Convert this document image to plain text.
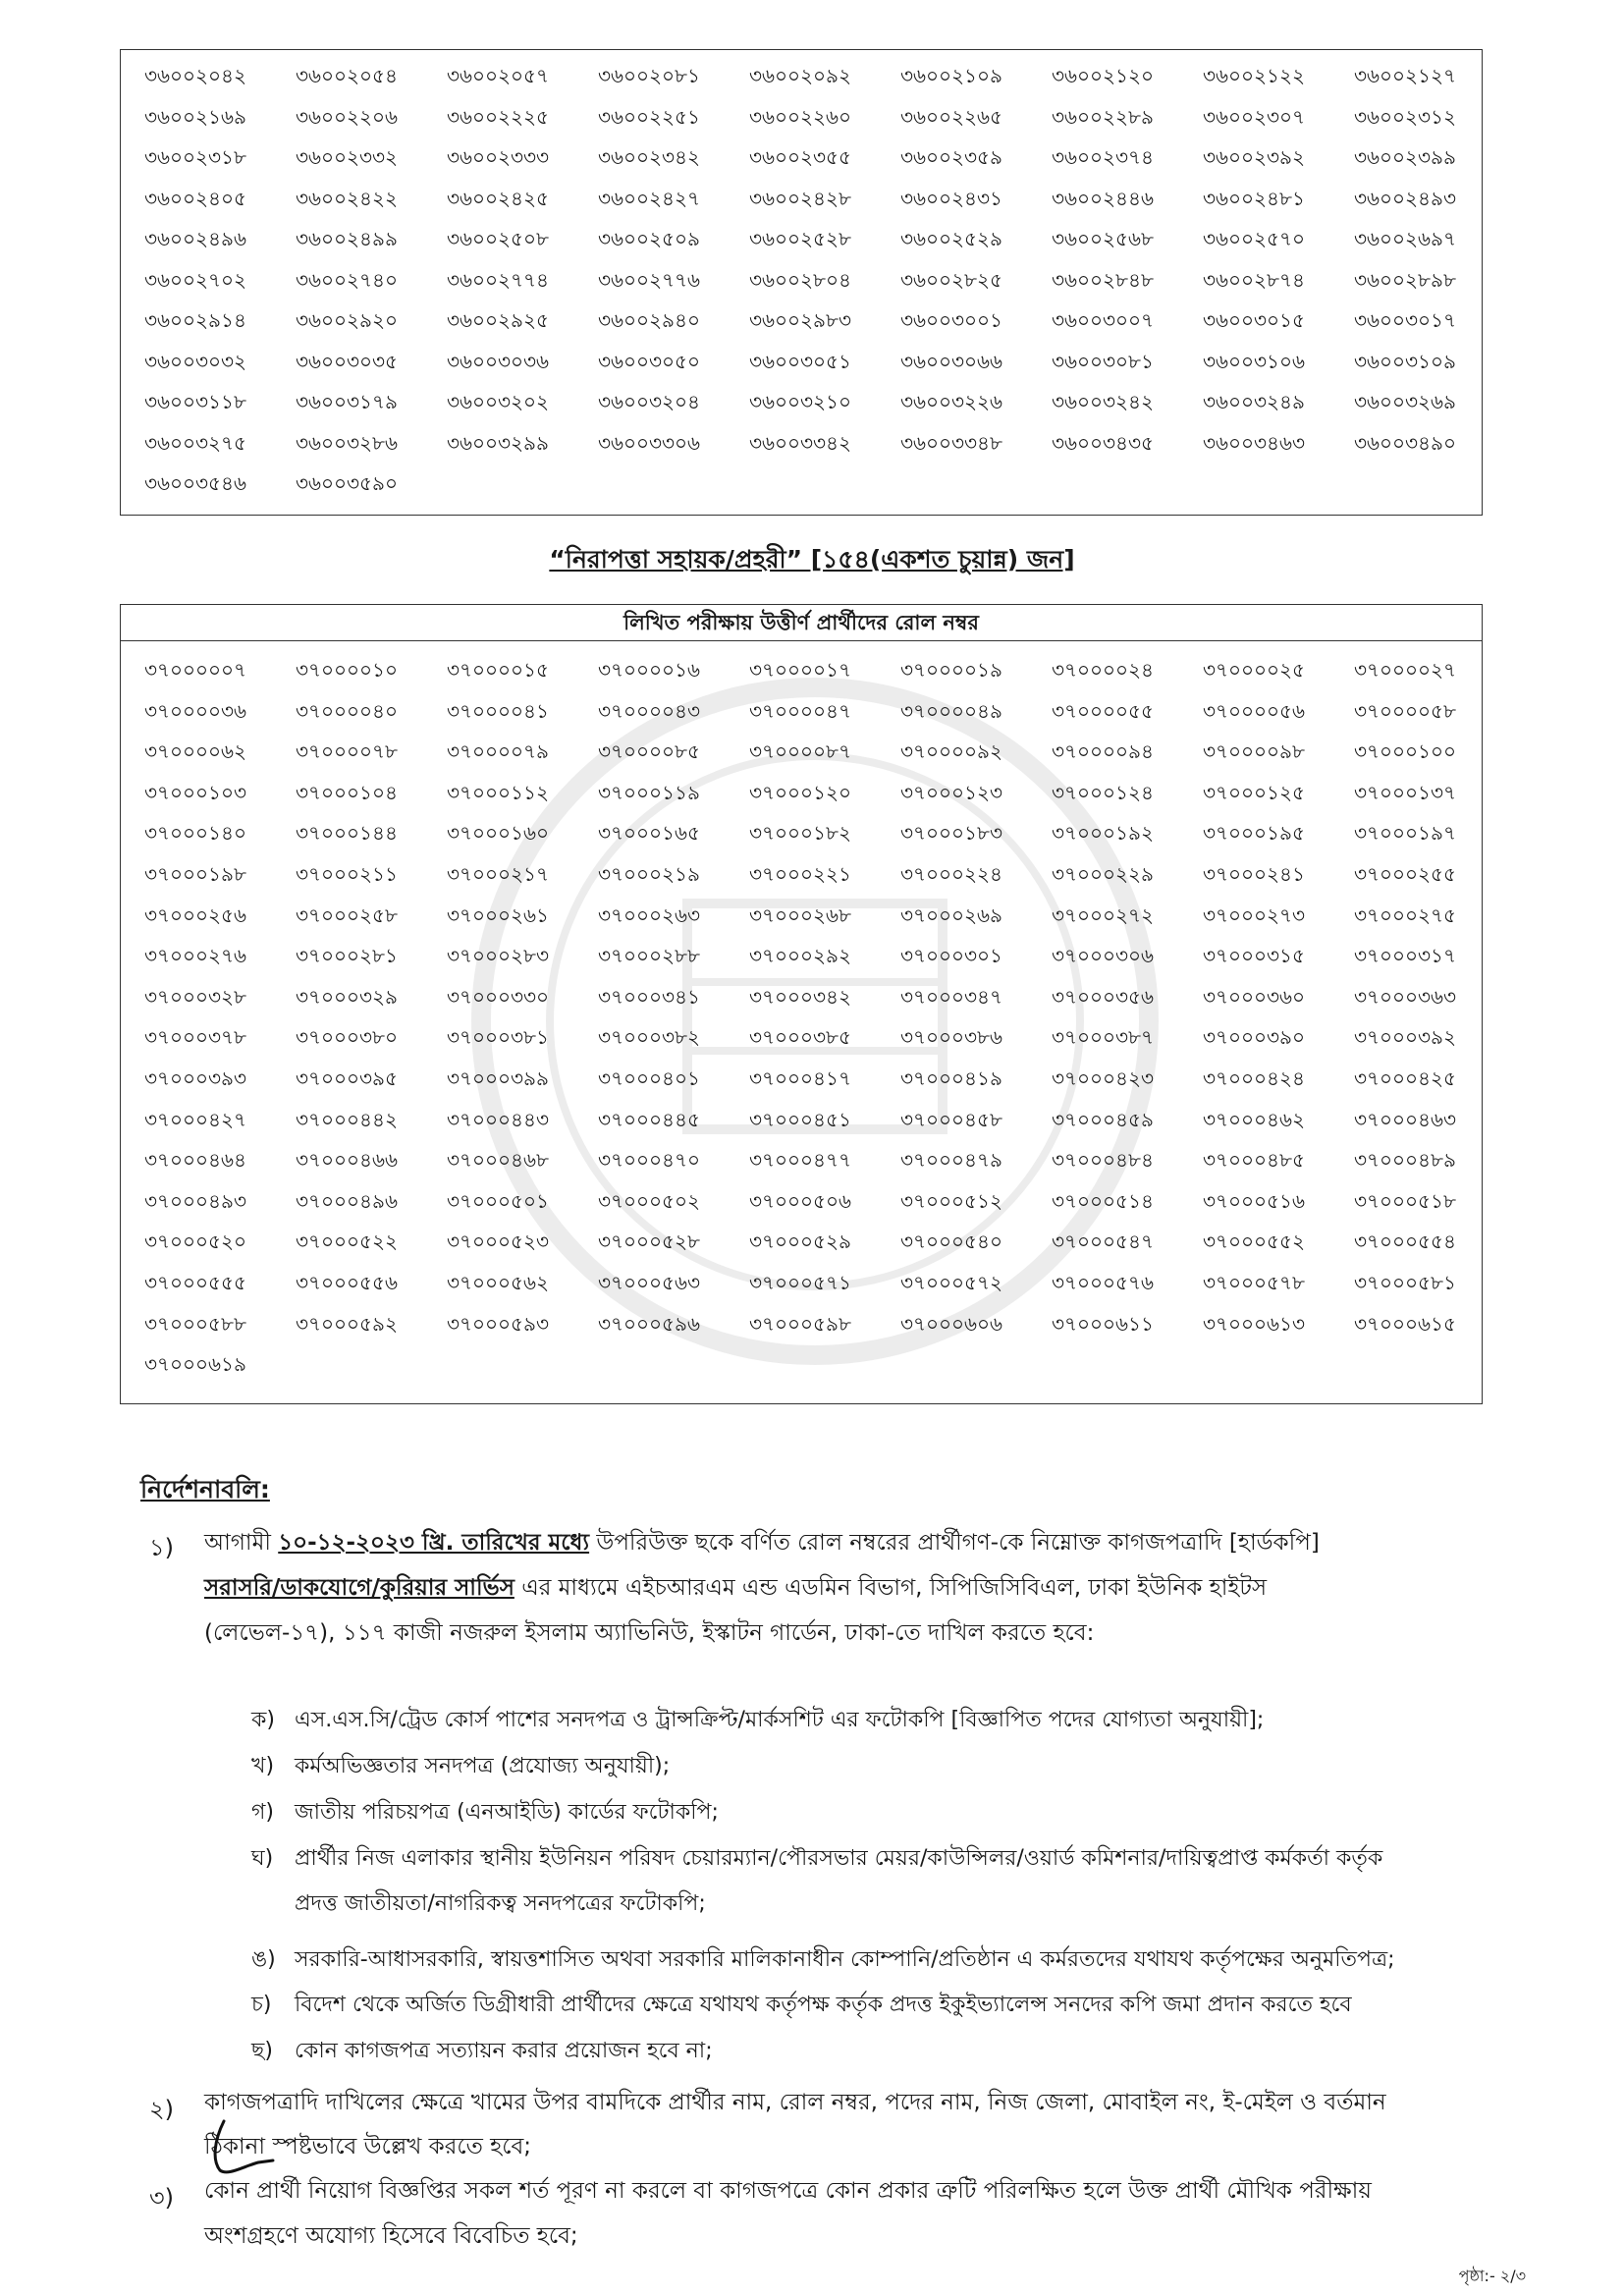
৩৬০০২০৪২	৩৬০০২০৫৪	৩৬০০২০৫৭	৩৬০০২০৮১	৩৬০০২০৯২	৩৬০০২১০৯	৩৬০০২১২০	৩৬০০২১২২	৩৬০০২১২৭
৩৬০০২১৬৯	৩৬০০২২০৬	৩৬০০২২২৫	৩৬০০২২৫১	৩৬০০২২৬০	৩৬০০২২৬৫	৩৬০০২২৮৯	৩৬০০২৩০৭	৩৬০০২৩১২
৩৬০০২৩১৮	৩৬০০২৩৩২	৩৬০০২৩৩৩	৩৬০০২৩৪২	৩৬০০২৩৫৫	৩৬০০২৩৫৯	৩৬০০২৩৭৪	৩৬০০২৩৯২	৩৬০০২৩৯৯
৩৬০০২৪০৫	৩৬০০২৪২২	৩৬০০২৪২৫	৩৬০০২৪২৭	৩৬০০২৪২৮	৩৬০০২৪৩১	৩৬০০২৪৪৬	৩৬০০২৪৮১	৩৬০০২৪৯৩
৩৬০০২৪৯৬	৩৬০০২৪৯৯	৩৬০০২৫০৮	৩৬০০২৫০৯	৩৬০০২৫২৮	৩৬০০২৫২৯	৩৬০০২৫৬৮	৩৬০০২৫৭০	৩৬০০২৬৯৭
৩৬০০২৭০২	৩৬০০২৭৪০	৩৬০০২৭৭৪	৩৬০০২৭৭৬	৩৬০০২৮০৪	৩৬০০২৮২৫	৩৬০০২৮৪৮	৩৬০০২৮৭৪	৩৬০০২৮৯৮
৩৬০০২৯১৪	৩৬০০২৯২০	৩৬০০২৯২৫	৩৬০০২৯৪০	৩৬০০২৯৮৩	৩৬০০৩০০১	৩৬০০৩০০৭	৩৬০০৩০১৫	৩৬০০৩০১৭
৩৬০০৩০৩২	৩৬০০৩০৩৫	৩৬০০৩০৩৬	৩৬০০৩০৫০	৩৬০০৩০৫১	৩৬০০৩০৬৬	৩৬০০৩০৮১	৩৬০০৩১০৬	৩৬০০৩১০৯
৩৬০০৩১১৮	৩৬০০৩১৭৯	৩৬০০৩২০২	৩৬০০৩২০৪	৩৬০০৩২১০	৩৬০০৩২২৬	৩৬০০৩২৪২	৩৬০০৩২৪৯	৩৬০০৩২৬৯
৩৬০০৩২৭৫	৩৬০০৩২৮৬	৩৬০০৩২৯৯	৩৬০০৩৩০৬	৩৬০০৩৩৪২	৩৬০০৩৩৪৮	৩৬০০৩৪৩৫	৩৬০০৩৪৬৩	৩৬০০৩৪৯০
৩৬০০৩৫৪৬	৩৬০০৩৫৯০
“নিরাপত্তা সহায়ক/প্রহরী” [১৫৪(একশত চুয়ান্ন) জন]
লিখিত পরীক্ষায় উত্তীর্ণ প্রার্থীদের রোল নম্বর
৩৭০০০০০৭	৩৭০০০০১০	৩৭০০০০১৫	৩৭০০০০১৬	৩৭০০০০১৭	৩৭০০০০১৯	৩৭০০০০২৪	৩৭০০০০২৫	৩৭০০০০২৭
৩৭০০০০৩৬	৩৭০০০০৪০	৩৭০০০০৪১	৩৭০০০০৪৩	৩৭০০০০৪৭	৩৭০০০০৪৯	৩৭০০০০৫৫	৩৭০০০০৫৬	৩৭০০০০৫৮
৩৭০০০০৬২	৩৭০০০০৭৮	৩৭০০০০৭৯	৩৭০০০০৮৫	৩৭০০০০৮৭	৩৭০০০০৯২	৩৭০০০০৯৪	৩৭০০০০৯৮	৩৭০০০১০০
৩৭০০০১০৩	৩৭০০০১০৪	৩৭০০০১১২	৩৭০০০১১৯	৩৭০০০১২০	৩৭০০০১২৩	৩৭০০০১২৪	৩৭০০০১২৫	৩৭০০০১৩৭
৩৭০০০১৪০	৩৭০০০১৪৪	৩৭০০০১৬০	৩৭০০০১৬৫	৩৭০০০১৮২	৩৭০০০১৮৩	৩৭০০০১৯২	৩৭০০০১৯৫	৩৭০০০১৯৭
৩৭০০০১৯৮	৩৭০০০২১১	৩৭০০০২১৭	৩৭০০০২১৯	৩৭০০০২২১	৩৭০০০২২৪	৩৭০০০২২৯	৩৭০০০২৪১	৩৭০০০২৫৫
৩৭০০০২৫৬	৩৭০০০২৫৮	৩৭০০০২৬১	৩৭০০০২৬৩	৩৭০০০২৬৮	৩৭০০০২৬৯	৩৭০০০২৭২	৩৭০০০২৭৩	৩৭০০০২৭৫
৩৭০০০২৭৬	৩৭০০০২৮১	৩৭০০০২৮৩	৩৭০০০২৮৮	৩৭০০০২৯২	৩৭০০০৩০১	৩৭০০০৩০৬	৩৭০০০৩১৫	৩৭০০০৩১৭
৩৭০০০৩২৮	৩৭০০০৩২৯	৩৭০০০৩৩০	৩৭০০০৩৪১	৩৭০০০৩৪২	৩৭০০০৩৪৭	৩৭০০০৩৫৬	৩৭০০০৩৬০	৩৭০০০৩৬৩
৩৭০০০৩৭৮	৩৭০০০৩৮০	৩৭০০০৩৮১	৩৭০০০৩৮২	৩৭০০০৩৮৫	৩৭০০০৩৮৬	৩৭০০০৩৮৭	৩৭০০০৩৯০	৩৭০০০৩৯২
৩৭০০০৩৯৩	৩৭০০০৩৯৫	৩৭০০০৩৯৯	৩৭০০০৪০১	৩৭০০০৪১৭	৩৭০০০৪১৯	৩৭০০০৪২৩	৩৭০০০৪২৪	৩৭০০০৪২৫
৩৭০০০৪২৭	৩৭০০০৪৪২	৩৭০০০৪৪৩	৩৭০০০৪৪৫	৩৭০০০৪৫১	৩৭০০০৪৫৮	৩৭০০০৪৫৯	৩৭০০০৪৬২	৩৭০০০৪৬৩
৩৭০০০৪৬৪	৩৭০০০৪৬৬	৩৭০০০৪৬৮	৩৭০০০৪৭০	৩৭০০০৪৭৭	৩৭০০০৪৭৯	৩৭০০০৪৮৪	৩৭০০০৪৮৫	৩৭০০০৪৮৯
৩৭০০০৪৯৩	৩৭০০০৪৯৬	৩৭০০০৫০১	৩৭০০০৫০২	৩৭০০০৫০৬	৩৭০০০৫১২	৩৭০০০৫১৪	৩৭০০০৫১৬	৩৭০০০৫১৮
৩৭০০০৫২০	৩৭০০০৫২২	৩৭০০০৫২৩	৩৭০০০৫২৮	৩৭০০০৫২৯	৩৭০০০৫৪০	৩৭০০০৫৪৭	৩৭০০০৫৫২	৩৭০০০৫৫৪
৩৭০০০৫৫৫	৩৭০০০৫৫৬	৩৭০০০৫৬২	৩৭০০০৫৬৩	৩৭০০০৫৭১	৩৭০০০৫৭২	৩৭০০০৫৭৬	৩৭০০০৫৭৮	৩৭০০০৫৮১
৩৭০০০৫৮৮	৩৭০০০৫৯২	৩৭০০০৫৯৩	৩৭০০০৫৯৬	৩৭০০০৫৯৮	৩৭০০০৬০৬	৩৭০০০৬১১	৩৭০০০৬১৩	৩৭০০০৬১৫
৩৭০০০৬১৯
নির্দেশনাবলি:
১) আগামী ১০-১২-২০২৩ খ্রি. তারিখের মধ্যে উপরিউক্ত ছকে বর্ণিত রোল নম্বরের প্রার্থীগণ-কে নিম্নোক্ত কাগজপত্রাদি [হার্ডকপি]
সরাসরি/ডাকযোগে/কুরিয়ার সার্ভিস এর মাধ্যমে এইচআরএম এন্ড এডমিন বিভাগ, সিপিজিসিবিএল, ঢাকা ইউনিক হাইটস
(লেভেল-১৭), ১১৭ কাজী নজরুল ইসলাম অ্যাভিনিউ, ইস্কাটন গার্ডেন, ঢাকা-তে দাখিল করতে হবে:
ক) এস.এস.সি/ট্রেড কোর্স পাশের সনদপত্র ও ট্রান্সক্রিপ্ট/মার্কসশিট এর ফটোকপি [বিজ্ঞাপিত পদের যোগ্যতা অনুযায়ী];
খ) কর্মঅভিজ্ঞতার সনদপত্র (প্রযোজ্য অনুযায়ী);
গ) জাতীয় পরিচয়পত্র (এনআইডি) কার্ডের ফটোকপি;
ঘ) প্রার্থীর নিজ এলাকার স্থানীয় ইউনিয়ন পরিষদ চেয়ারম্যান/পৌরসভার মেয়র/কাউন্সিলর/ওয়ার্ড কমিশনার/দায়িত্বপ্রাপ্ত কর্মকর্তা কর্তৃক
প্রদত্ত জাতীয়তা/নাগরিকত্ব সনদপত্রের ফটোকপি;
ঙ) সরকারি-আধাসরকারি, স্বায়ত্তশাসিত অথবা সরকারি মালিকানাধীন কোম্পানি/প্রতিষ্ঠান এ কর্মরতদের যথাযথ কর্তৃপক্ষের অনুমতিপত্র;
চ) বিদেশ থেকে অর্জিত ডিগ্রীধারী প্রার্থীদের ক্ষেত্রে যথাযথ কর্তৃপক্ষ কর্তৃক প্রদত্ত ইকুইভ্যালেন্স সনদের কপি জমা প্রদান করতে হবে
ছ) কোন কাগজপত্র সত্যায়ন করার প্রয়োজন হবে না;
২) কাগজপত্রাদি দাখিলের ক্ষেত্রে খামের উপর বামদিকে প্রার্থীর নাম, রোল নম্বর, পদের নাম, নিজ জেলা, মোবাইল নং, ই-মেইল ও বর্তমান
ঠিকানা স্পষ্টভাবে উল্লেখ করতে হবে;
৩) কোন প্রার্থী নিয়োগ বিজ্ঞপ্তির সকল শর্ত পূরণ না করলে বা কাগজপত্রে কোন প্রকার ত্রুটি পরিলক্ষিত হলে উক্ত প্রার্থী মৌখিক পরীক্ষায়
অংশগ্রহণে অযোগ্য হিসেবে বিবেচিত হবে;
পৃষ্ঠা:- ২/৩
